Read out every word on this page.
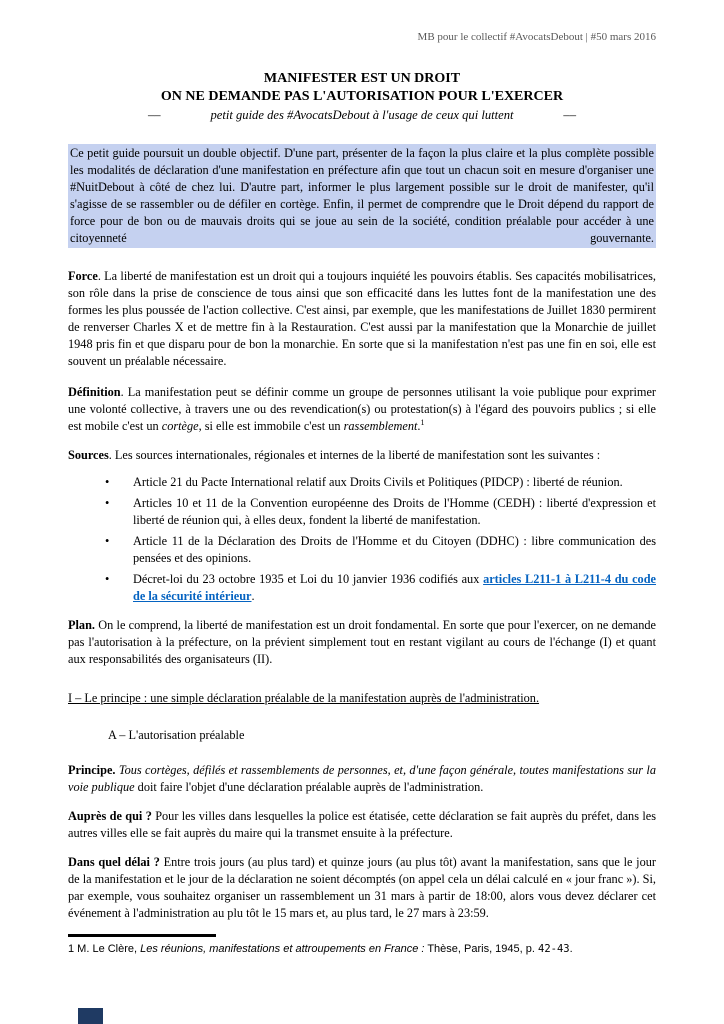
MB pour le collectif #AvocatsDebout | #50 mars 2016
MANIFESTER EST UN DROIT
ON NE DEMANDE PAS L'AUTORISATION POUR L'EXERCER
––	petit guide des #AvocatsDebout à l'usage de ceux qui luttent	––

Ce petit guide poursuit un double objectif. D'une part, présenter de la façon la plus claire et la plus complète possible les modalités de déclaration d'une manifestation en préfecture afin que tout un chacun soit en mesure d'organiser une #NuitDebout à côté de chez lui. D'autre part, informer le plus largement possible sur le droit de manifester, qu'il s'agisse de se rassembler ou de défiler en cortège. Enfin, il permet de comprendre que le Droit dépend du rapport de force pour de bon ou de mauvais droits qui se joue au sein de la société, condition préalable pour accéder à une citoyenneté gouvernante.

Force. La liberté de manifestation est un droit qui a toujours inquiété les pouvoirs établis. Ses capacités mobilisatrices, son rôle dans la prise de conscience de tous ainsi que son efficacité dans les luttes font de la manifestation une des formes les plus poussée de l'action collective. C'est ainsi, par exemple, que les manifestations de Juillet 1830 permirent de renverser Charles X et de mettre fin à la Restauration. C'est aussi par la manifestation que la Monarchie de juillet 1948 pris fin et que disparu pour de bon la monarchie. En sorte que si la manifestation n'est pas une fin en soi, elle est souvent un préalable nécessaire.

Définition. La manifestation peut se définir comme un groupe de personnes utilisant la voie publique pour exprimer une volonté collective, à travers une ou des revendication(s) ou protestation(s) à l'égard des pouvoirs publics ; si elle est mobile c'est un cortège, si elle est immobile c'est un rassemblement.$^1$

Sources. Les sources internationales, régionales et internes de la liberté de manifestation sont les suivantes :

• Article 21 du Pacte International relatif aux Droits Civils et Politiques (PIDCP) : liberté de réunion.
• Articles 10 et 11 de la Convention européenne des Droits de l'Homme (CEDH) : liberté d'expression et liberté de réunion qui, à elles deux, fondent la liberté de manifestation.
• Article 11 de la Déclaration des Droits de l'Homme et du Citoyen (DDHC) : libre communication des pensées et des opinions.
• Décret-loi du 23 octobre 1935 et Loi du 10 janvier 1936 codifiés aux articles L211-1 à L211-4 du code de la sécurité intérieur.

Plan. On le comprend, la liberté de manifestation est un droit fondamental. En sorte que pour l'exercer, on ne demande pas l'autorisation à la préfecture, on la prévient simplement tout en restant vigilant au cours de l'échange (I) et quant aux responsabilités des organisateurs (II).

I – Le principe : une simple déclaration préalable de la manifestation auprès de l'administration.

A – L'autorisation préalable

Principe. Tous cortèges, défilés et rassemblements de personnes, et, d'une façon générale, toutes manifestations sur la voie publique doit faire l'objet d'une déclaration préalable auprès de l'administration.

Auprès de qui ? Pour les villes dans lesquelles la police est étatisée, cette déclaration se fait auprès du préfet, dans les autres villes elle se fait auprès du maire qui la transmet ensuite à la préfecture.

Dans quel délai ? Entre trois jours (au plus tard) et quinze jours (au plus tôt) avant la manifestation, sans que le jour de la manifestation et le jour de la déclaration ne soient décomptés (on appel cela un délai calculé en « jour franc »). Si, par exemple, vous souhaitez organiser un rassemblement un 31 mars à partir de 18:00, alors vous devez déclarer cet événement à l'administration au plu tôt le 15 mars et, au plus tard, le 27 mars à 23:59.

1 M. Le Clère, Les réunions, manifestations et attroupements en France : Thèse, Paris, 1945, p. 42-43.
